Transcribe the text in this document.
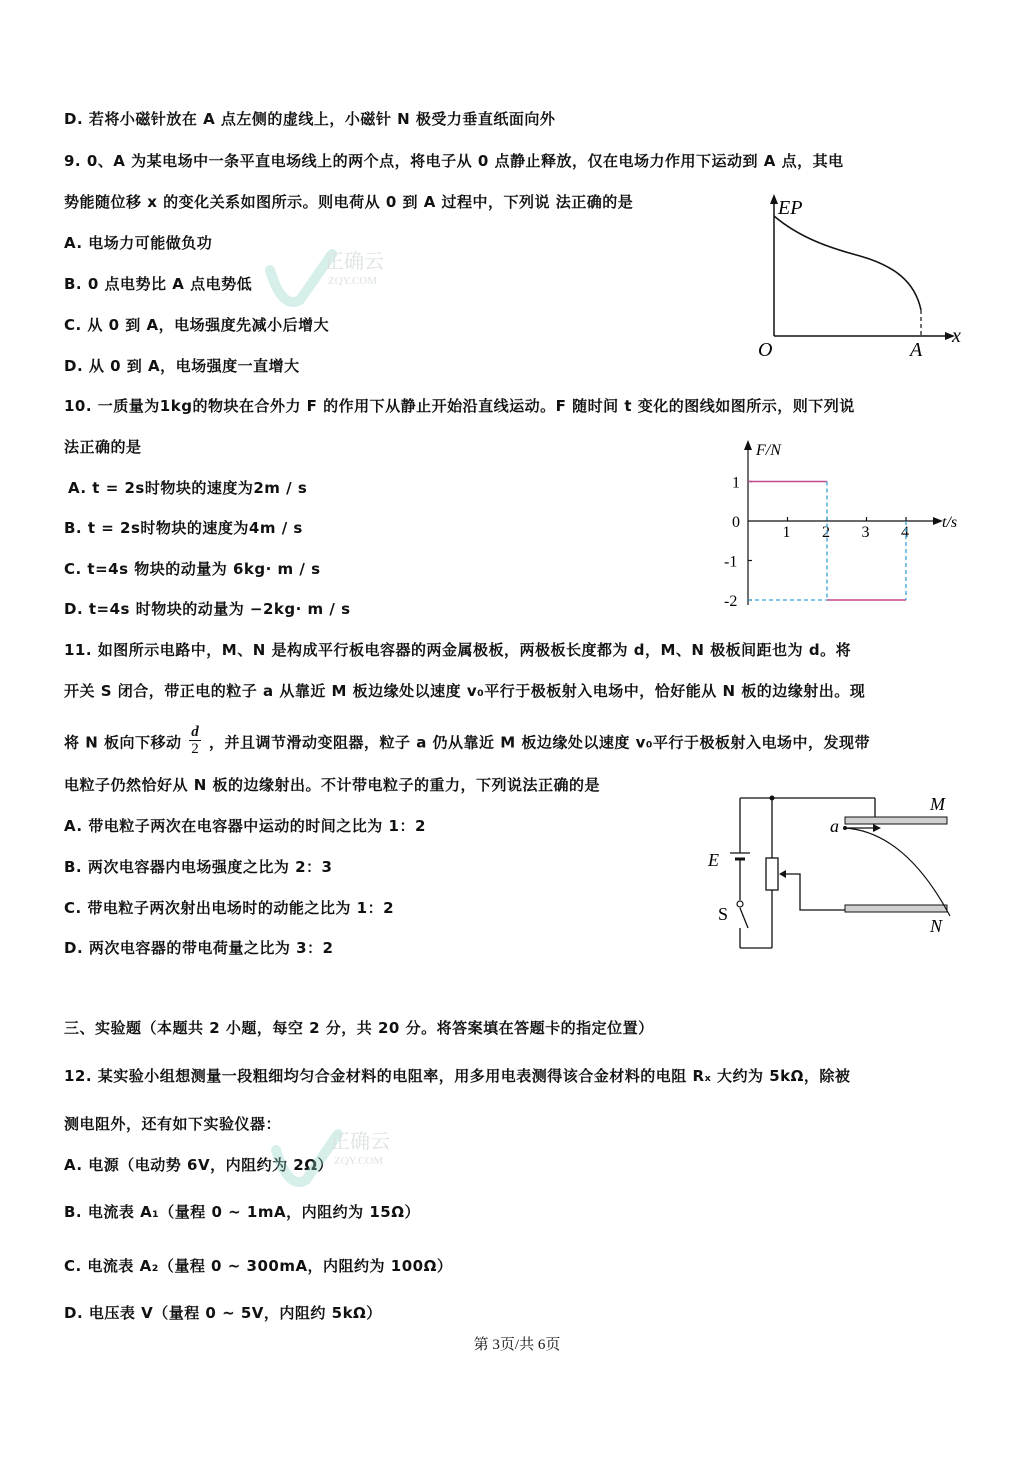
D. 若将小磁针放在 A 点左侧的虚线上，小磁针 N 极受力垂直纸面向外
9. 0、A 为某电场中一条平直电场线上的两个点，将电子从 0 点静止释放，仅在电场力作用下运动到 A 点，其电
势能随位移 x 的变化关系如图所示。则电荷从 0 到 A 过程中，下列说 法正确的是
A. 电场力可能做负功
B. 0 点电势比 A 点电势低
C. 从 0 到 A，电场强度先减小后增大
D. 从 0 到 A，电场强度一直增大
10. 一质量为1kg的物块在合外力 F 的作用下从静止开始沿直线运动。F 随时间 t 变化的图线如图所示，则下列说
法正确的是
A. t = 2s时物块的速度为2m / s
B. t = 2s时物块的速度为4m / s
C. t=4s 物块的动量为 6kg· m / s
D. t=4s 时物块的动量为 −2kg· m / s
11. 如图所示电路中，M、N 是构成平行板电容器的两金属极板，两极板长度都为 d，M、N 极板间距也为 d。将
开关 S 闭合，带正电的粒子 a 从靠近 M 板边缘处以速度 v₀平行于极板射入电场中，恰好能从 N 板的边缘射出。现
将 N 板向下移动 $\frac{d}{2}$ ，并且调节滑动变阻器，粒子 a 仍从靠近 M 板边缘处以速度 v₀平行于极板射入电场中，发现带
电粒子仍然恰好从 N 板的边缘射出。不计带电粒子的重力，下列说法正确的是
A. 带电粒子两次在电容器中运动的时间之比为 1：2
B. 两次电容器内电场强度之比为 2：3
C. 带电粒子两次射出电场时的动能之比为 1：2
D. 两次电容器的带电荷量之比为 3：2
三、实验题（本题共 2 小题，每空 2 分，共 20 分。将答案填在答题卡的指定位置）
12. 某实验小组想测量一段粗细均匀合金材料的电阻率，用多用电表测得该合金材料的电阻 Rₓ 大约为 5kΩ，除被
测电阻外，还有如下实验仪器：
A. 电源（电动势 6V，内阻约为 2Ω）
B. 电流表 A₁（量程 0 ~ 1mA，内阻约为 15Ω）
C. 电流表 A₂（量程 0 ~ 300mA，内阻约为 100Ω）
D. 电压表 V（量程 0 ~ 5V，内阻约 5kΩ）
第 3页/共 6页
正确云
ZQY.COM
正确云
ZQY.COM
EP
x
O	A
F/N
t/s
1 2 3 4
1
0
-1
-2
M
N
a
E
S
